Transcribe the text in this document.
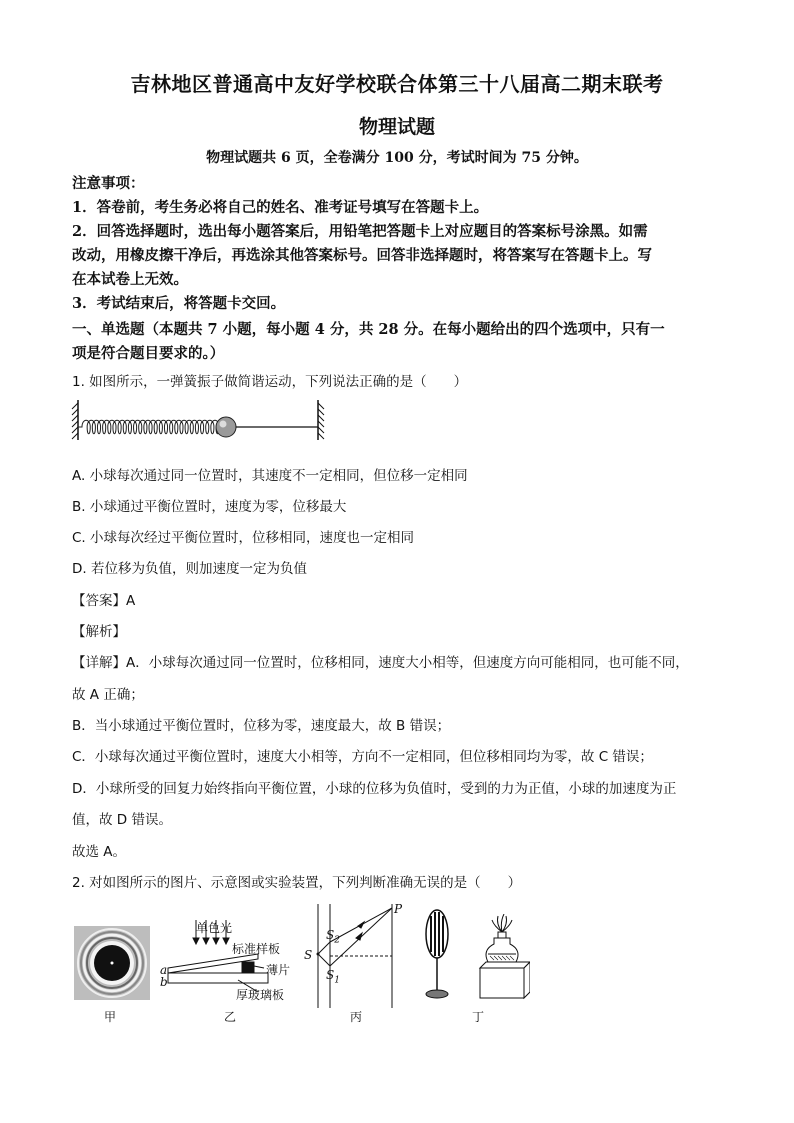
吉林地区普通高中友好学校联合体第三十八届高二期末联考
物理试题
物理试题共 6 页，全卷满分 100 分，考试时间为 75 分钟。
注意事项：
1．答卷前，考生务必将自己的姓名、准考证号填写在答题卡上。
2．回答选择题时，选出每小题答案后，用铅笔把答题卡上对应题目的答案标号涂黑。如需
改动，用橡皮擦干净后，再选涂其他答案标号。回答非选择题时，将答案写在答题卡上。写
在本试卷上无效。
3．考试结束后，将答题卡交回。
一、单选题（本题共 7 小题，每小题 4 分，共 28 分。在每小题给出的四个选项中，只有一
项是符合题目要求的。）
1. 如图所示，一弹簧振子做简谐运动，下列说法正确的是（　　）
A. 小球每次通过同一位置时，其速度不一定相同，但位移一定相同
B. 小球通过平衡位置时，速度为零，位移最大
C. 小球每次经过平衡位置时，位移相同，速度也一定相同
D. 若位移为负值，则加速度一定为负值
【答案】A
【解析】
【详解】A．小球每次通过同一位置时，位移相同，速度大小相等，但速度方向可能相同，也可能不同，
故 A 正确；
B．当小球通过平衡位置时，位移为零，速度最大，故 B 错误；
C．小球每次通过平衡位置时，速度大小相等，方向不一定相同，但位移相同均为零，故 C 错误；
D．小球所受的回复力始终指向平衡位置，小球的位移为负值时，受到的力为正值，小球的加速度为正
值，故 D 错误。
故选 A。
2. 对如图所示的图片、示意图或实验装置，下列判断准确无误的是（　　）
单色光
标准样板
薄片
厚玻璃板
a
b
P
S
$S_2$
$S_1$
甲	乙	丙	丁
